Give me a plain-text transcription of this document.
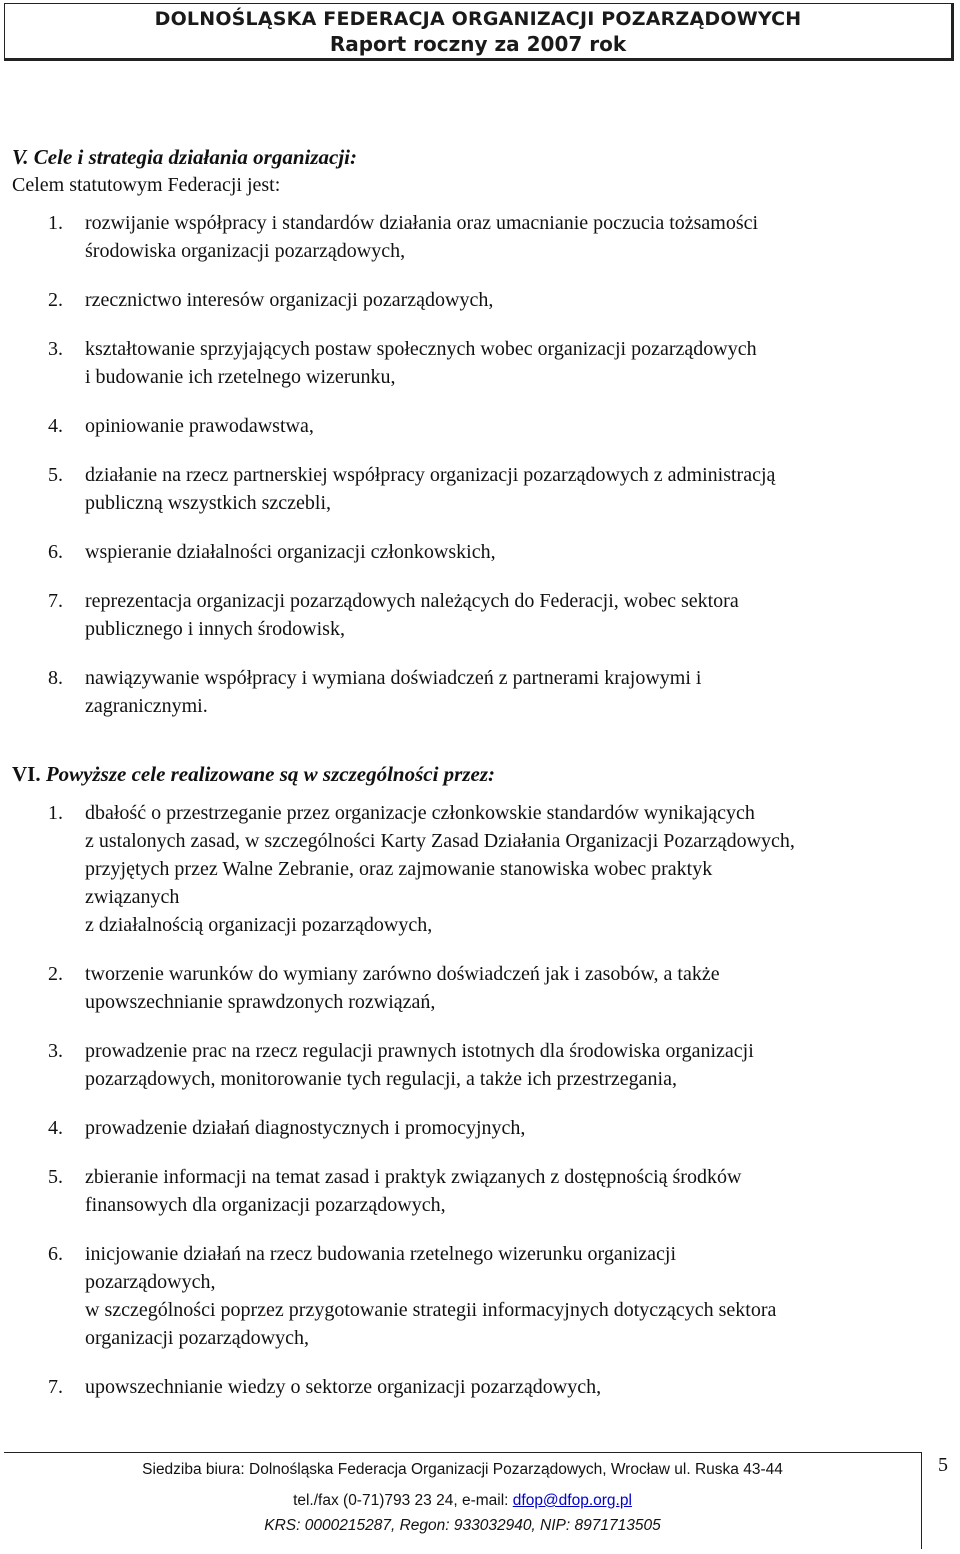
DOLNOŚLĄSKA FEDERACJA ORGANIZACJI POZARZĄDOWYCH
Raport roczny za 2007 rok
V. Cele i strategia działania organizacji:
Celem statutowym Federacji jest:
1. rozwijanie współpracy i standardów działania oraz umacnianie poczucia tożsamości
środowiska organizacji pozarządowych,
2. rzecznictwo interesów organizacji pozarządowych,
3. kształtowanie sprzyjających postaw społecznych wobec organizacji pozarządowych
i budowanie ich rzetelnego wizerunku,
4. opiniowanie prawodawstwa,
5. działanie na rzecz partnerskiej współpracy organizacji pozarządowych z administracją
publiczną wszystkich szczebli,
6. wspieranie działalności organizacji członkowskich,
7. reprezentacja organizacji pozarządowych należących do Federacji, wobec sektora
publicznego i innych środowisk,
8. nawiązywanie współpracy i wymiana doświadczeń z partnerami krajowymi i
zagranicznymi.
VI. Powyższe cele realizowane są w szczególności przez:
1. dbałość o przestrzeganie przez organizacje członkowskie standardów wynikających
z ustalonych zasad, w szczególności Karty Zasad Działania Organizacji Pozarządowych,
przyjętych przez Walne Zebranie, oraz zajmowanie stanowiska wobec praktyk
związanych
z działalnością organizacji pozarządowych,
2. tworzenie warunków do wymiany zarówno doświadczeń jak i zasobów, a także
upowszechnianie sprawdzonych rozwiązań,
3. prowadzenie prac na rzecz regulacji prawnych istotnych dla środowiska organizacji
pozarządowych, monitorowanie tych regulacji, a także ich przestrzegania,
4. prowadzenie działań diagnostycznych i promocyjnych,
5. zbieranie informacji na temat zasad i praktyk związanych z dostępnością środków
finansowych dla organizacji pozarządowych,
6. inicjowanie działań na rzecz budowania rzetelnego wizerunku organizacji
pozarządowych,
w szczególności poprzez przygotowanie strategii informacyjnych dotyczących sektora
organizacji pozarządowych,
7. upowszechnianie wiedzy o sektorze organizacji pozarządowych,
Siedziba biura: Dolnośląska Federacja Organizacji Pozarządowych, Wrocław ul. Ruska 43-44
tel./fax (0-71)793 23 24, e-mail: dfop@dfop.org.pl
KRS: 0000215287, Regon: 933032940, NIP: 8971713505
5
